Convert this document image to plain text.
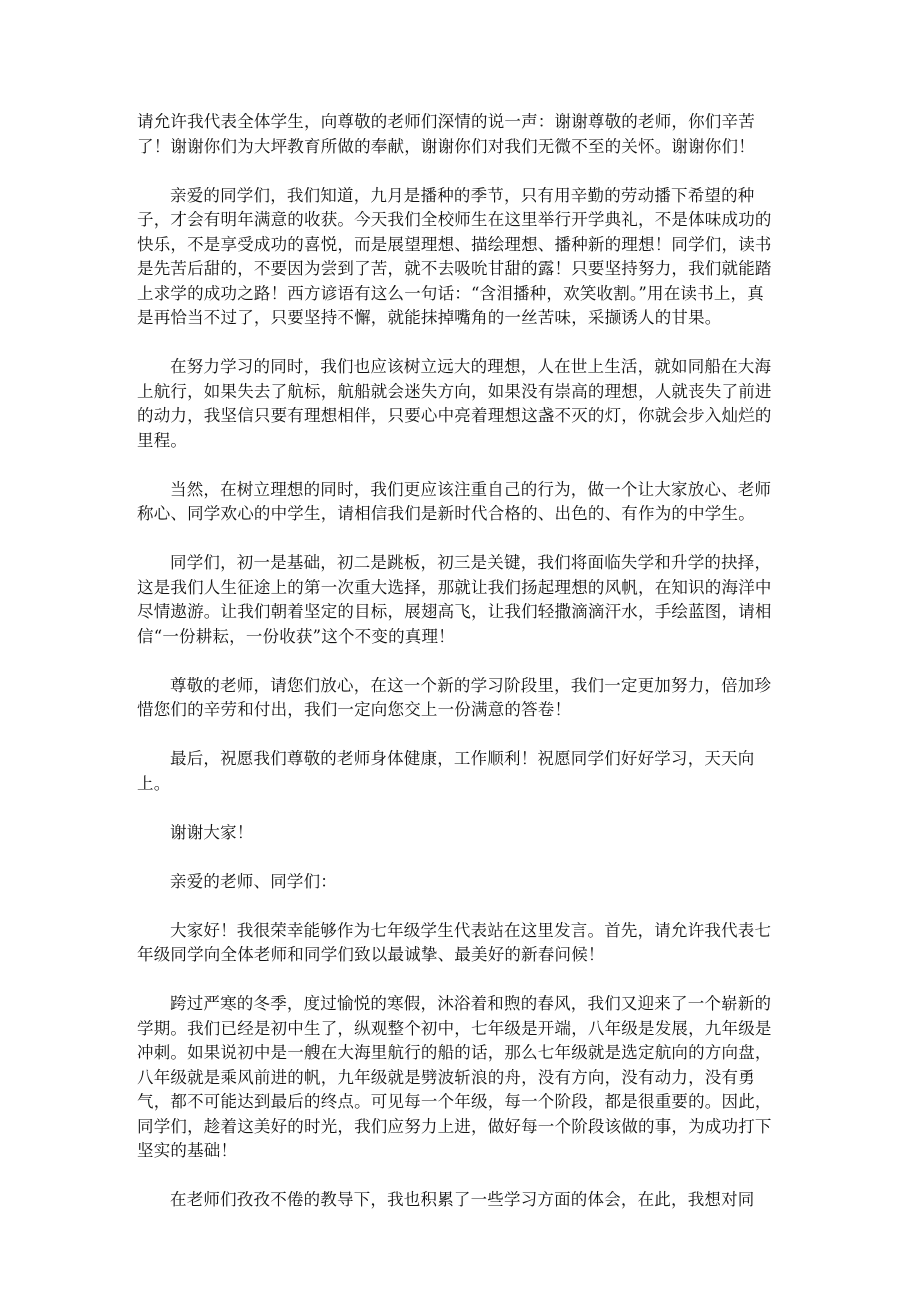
请允许我代表全体学生，向尊敬的老师们深情的说一声：谢谢尊敬的老师，你们辛苦了！谢谢你们为大坪教育所做的奉献，谢谢你们对我们无微不至的关怀。谢谢你们！

亲爱的同学们，我们知道，九月是播种的季节，只有用辛勤的劳动播下希望的种子，才会有明年满意的收获。今天我们全校师生在这里举行开学典礼，不是体味成功的快乐，不是享受成功的喜悦，而是展望理想、描绘理想、播种新的理想！同学们，读书是先苦后甜的，不要因为尝到了苦，就不去吸吮甘甜的露！只要坚持努力，我们就能踏上求学的成功之路！西方谚语有这么一句话：“含泪播种，欢笑收割。”用在读书上，真是再恰当不过了，只要坚持不懈，就能抹掉嘴角的一丝苦味，采撷诱人的甘果。

在努力学习的同时，我们也应该树立远大的理想，人在世上生活，就如同船在大海上航行，如果失去了航标，航船就会迷失方向，如果没有崇高的理想，人就丧失了前进的动力，我坚信只要有理想相伴，只要心中亮着理想这盏不灭的灯，你就会步入灿烂的里程。

当然，在树立理想的同时，我们更应该注重自己的行为，做一个让大家放心、老师称心、同学欢心的中学生，请相信我们是新时代合格的、出色的、有作为的中学生。

同学们，初一是基础，初二是跳板，初三是关键，我们将面临失学和升学的抉择，这是我们人生征途上的第一次重大选择，那就让我们扬起理想的风帆，在知识的海洋中尽情遨游。让我们朝着坚定的目标，展翅高飞，让我们轻撒滴滴汗水，手绘蓝图，请相信“一份耕耘，一份收获”这个不变的真理！

尊敬的老师，请您们放心，在这一个新的学习阶段里，我们一定更加努力，倍加珍惜您们的辛劳和付出，我们一定向您交上一份满意的答卷！

最后，祝愿我们尊敬的老师身体健康，工作顺利！祝愿同学们好好学习，天天向上。

谢谢大家！

亲爱的老师、同学们：

大家好！我很荣幸能够作为七年级学生代表站在这里发言。首先，请允许我代表七年级同学向全体老师和同学们致以最诚挚、最美好的新春问候！

跨过严寒的冬季，度过愉悦的寒假，沐浴着和煦的春风，我们又迎来了一个崭新的学期。我们已经是初中生了，纵观整个初中，七年级是开端，八年级是发展，九年级是冲刺。如果说初中是一艘在大海里航行的船的话，那么七年级就是选定航向的方向盘，八年级就是乘风前进的帆，九年级就是劈波斩浪的舟，没有方向，没有动力，没有勇气，都不可能达到最后的终点。可见每一个年级，每一个阶段，都是很重要的。因此，同学们，趁着这美好的时光，我们应努力上进，做好每一个阶段该做的事，为成功打下坚实的基础！

在老师们孜孜不倦的教导下，我也积累了一些学习方面的体会，在此，我想对同
